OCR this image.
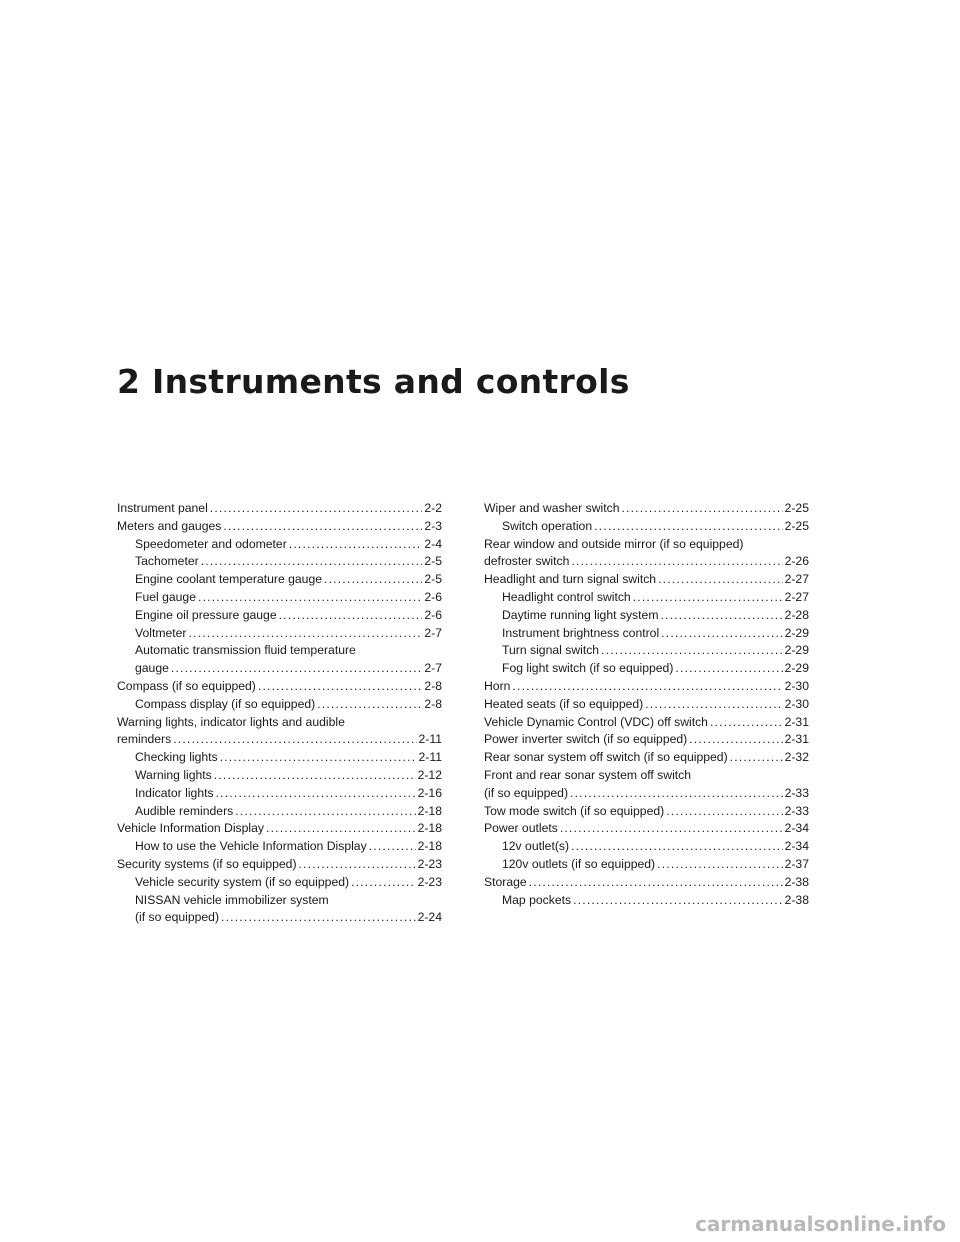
2 Instruments and controls
Instrument panel . . .	2-2
Meters and gauges . . .	2-3
Speedometer and odometer . . .	2-4
Tachometer . . .	2-5
Engine coolant temperature gauge . . .	2-5
Fuel gauge . . .	2-6
Engine oil pressure gauge . . .	2-6
Voltmeter . . .	2-7
Automatic transmission fluid temperature
gauge . . .	2-7
Compass (if so equipped) . . .	2-8
Compass display (if so equipped) . . .	2-8
Warning lights, indicator lights and audible
reminders . . .	2-11
Checking lights . . .	2-11
Warning lights . . .	2-12
Indicator lights . . .	2-16
Audible reminders . . .	2-18
Vehicle Information Display . . .	2-18
How to use the Vehicle Information Display . . .	2-18
Security systems (if so equipped) . . .	2-23
Vehicle security system (if so equipped) . . .	2-23
NISSAN vehicle immobilizer system
(if so equipped) . . .	2-24
Wiper and washer switch . . .	2-25
Switch operation . . .	2-25
Rear window and outside mirror (if so equipped)
defroster switch . . .	2-26
Headlight and turn signal switch . . .	2-27
Headlight control switch . . .	2-27
Daytime running light system . . .	2-28
Instrument brightness control . . .	2-29
Turn signal switch . . .	2-29
Fog light switch (if so equipped) . . .	2-29
Horn . . .	2-30
Heated seats (if so equipped) . . .	2-30
Vehicle Dynamic Control (VDC) off switch . . .	2-31
Power inverter switch (if so equipped) . . .	2-31
Rear sonar system off switch (if so equipped) . . .	2-32
Front and rear sonar system off switch
(if so equipped) . . .	2-33
Tow mode switch (if so equipped) . . .	2-33
Power outlets . . .	2-34
12v outlet(s) . . .	2-34
120v outlets (if so equipped) . . .	2-37
Storage . . .	2-38
Map pockets . . .	2-38
carmanualsonline.info
